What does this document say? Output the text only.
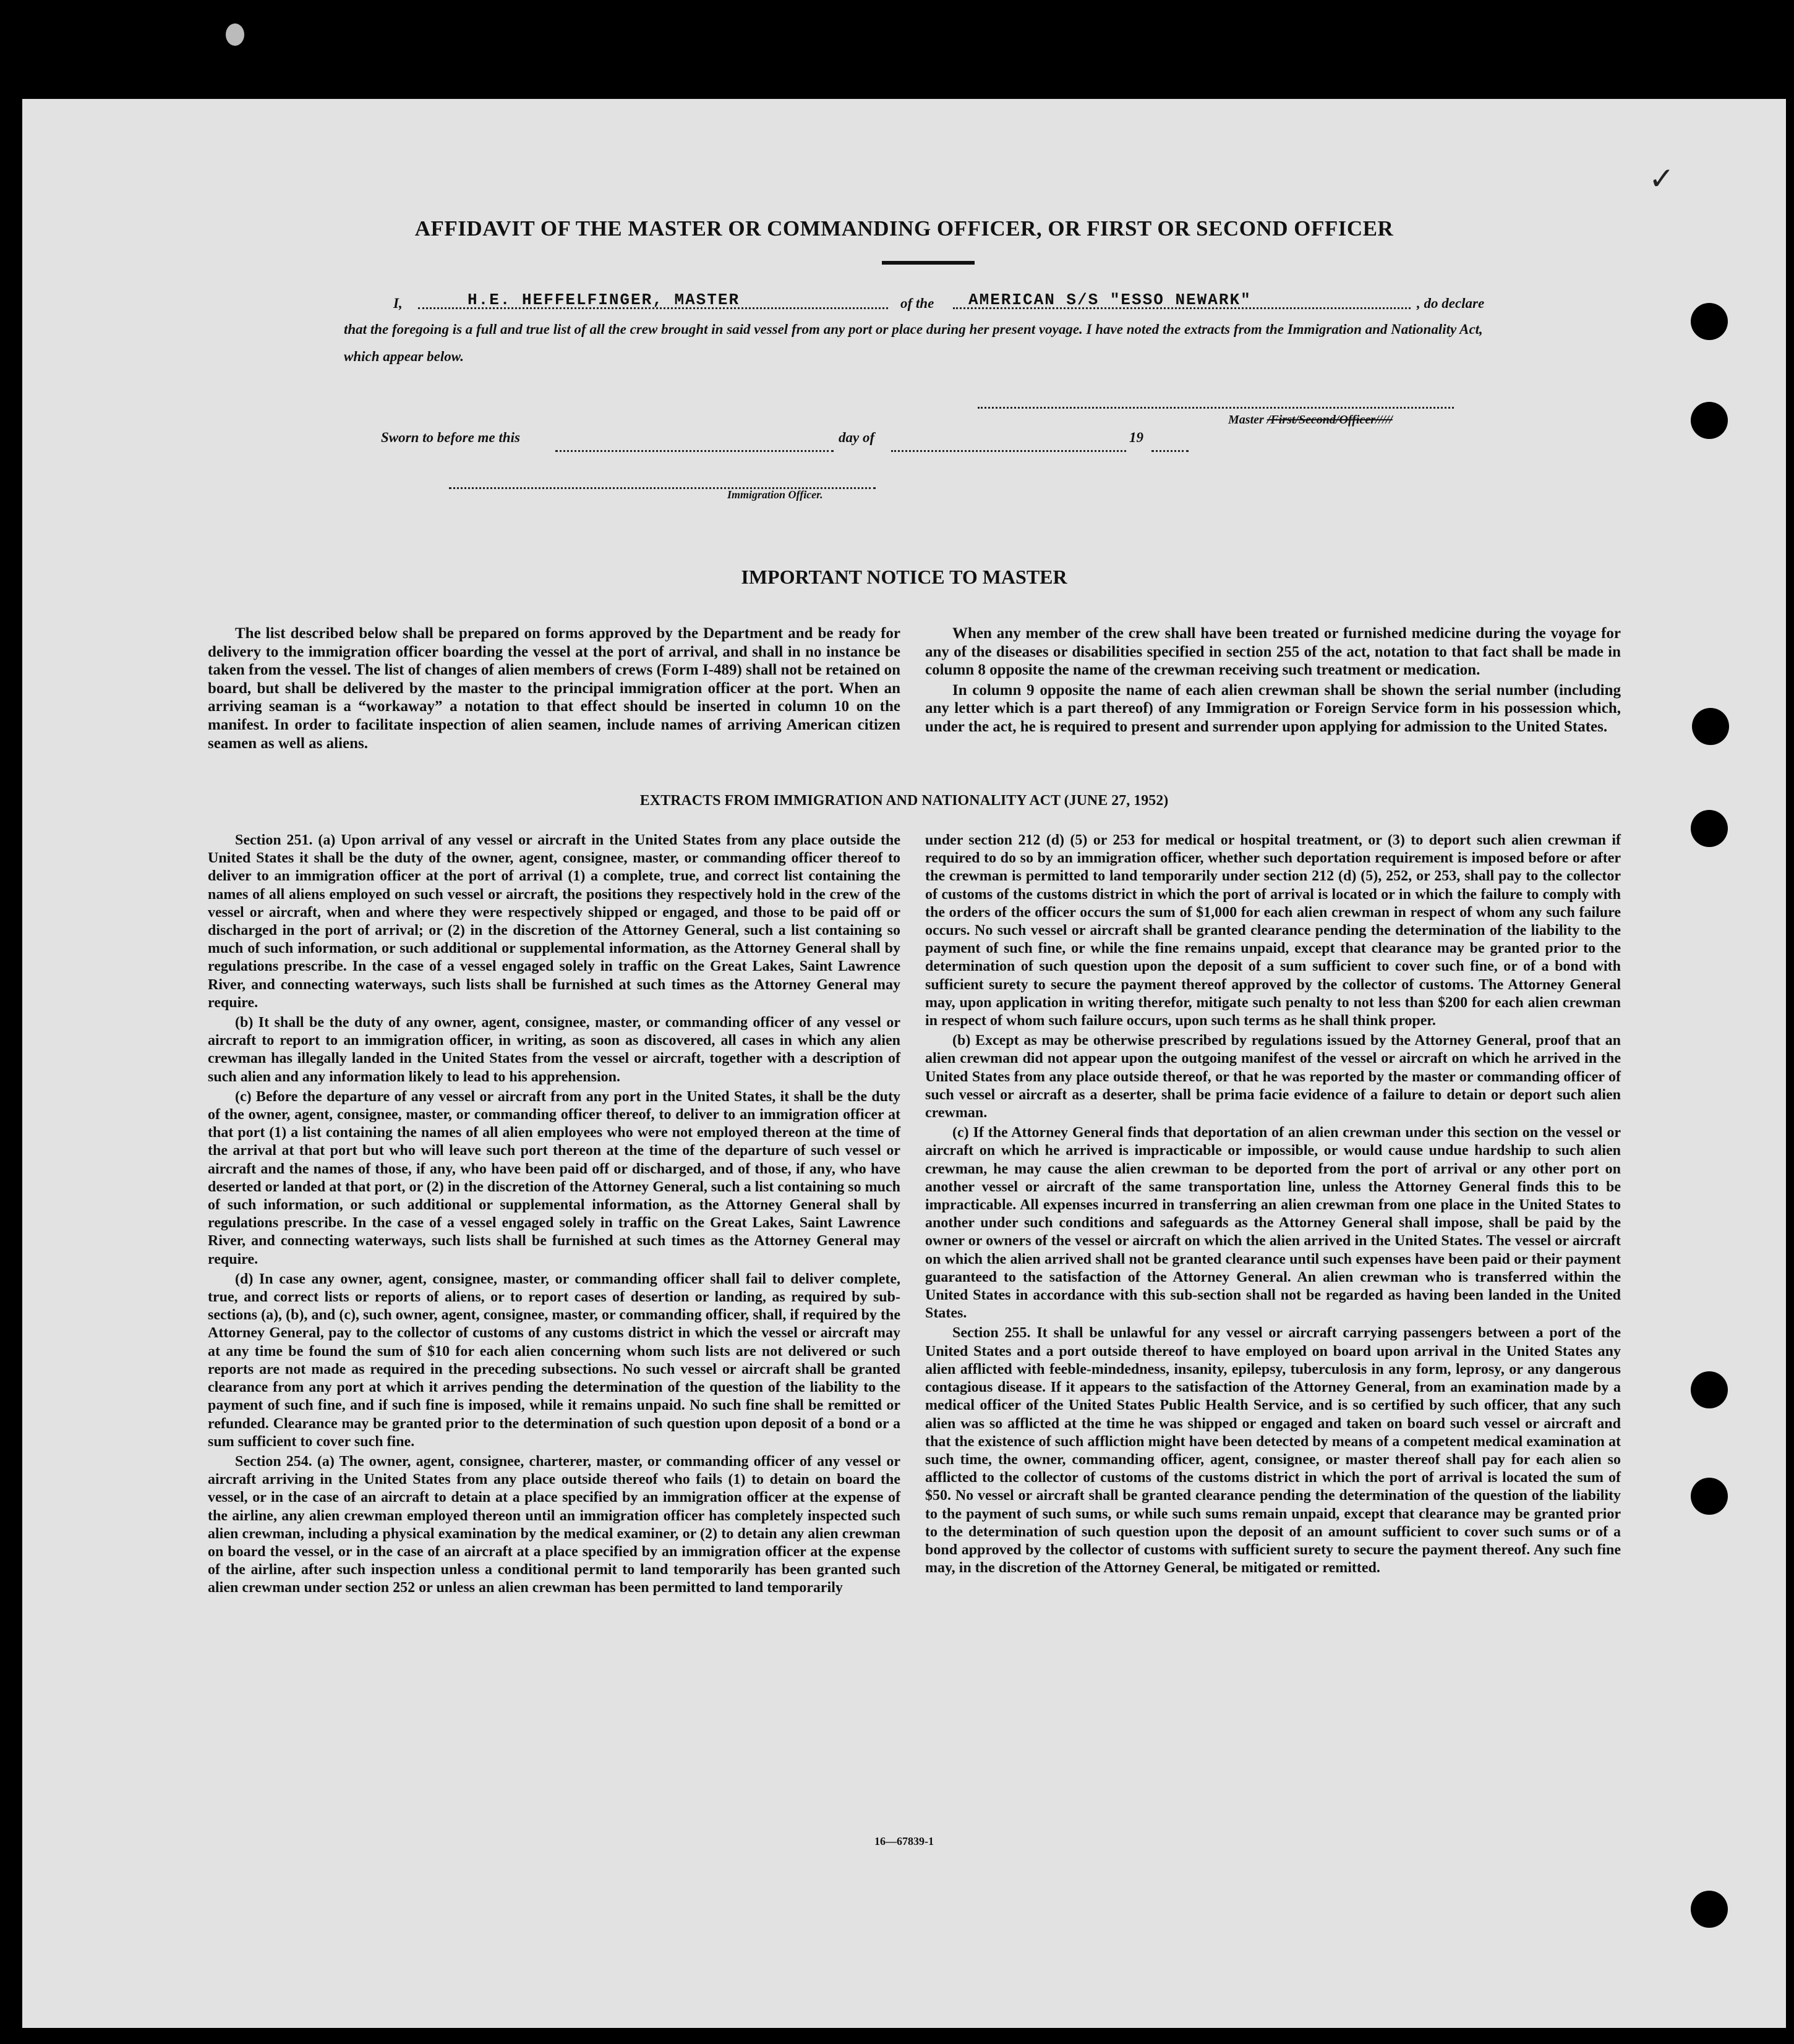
✓
AFFIDAVIT OF THE MASTER OR COMMANDING OFFICER, OR FIRST OR SECOND OFFICER
I,	H.E. HEFFELFINGER, MASTER	of the AMERICAN S/S "ESSO NEWARK"	, do declare
that the foregoing is a full and true list of all the crew brought in said vessel from any port or place during her present voyage. I have noted the extracts from the Immigration and Nationality Act, which appear below.
Master /First/Second/Officer/////
Sworn to before me this	day of	19
Immigration Officer.
IMPORTANT NOTICE TO MASTER

The list described below shall be prepared on forms approved by the Department and be ready for delivery to the immigration officer boarding the vessel at the port of arrival, and shall in no instance be taken from the vessel. The list of changes of alien members of crews (Form I-489) shall not be retained on board, but shall be delivered by the master to the principal immigration officer at the port. When an arriving seaman is a “workaway” a notation to that effect should be inserted in column 10 on the manifest. In order to facilitate inspection of alien seamen, include names of arriving American citizen seamen as well as aliens.

When any member of the crew shall have been treated or furnished medicine during the voyage for any of the diseases or disabilities specified in section 255 of the act, notation to that fact shall be made in column 8 opposite the name of the crewman receiving such treatment or medication.

In column 9 opposite the name of each alien crewman shall be shown the serial number (including any letter which is a part thereof) of any Immigration or Foreign Service form in his possession which, under the act, he is required to present and surrender upon applying for admission to the United States.

EXTRACTS FROM IMMIGRATION AND NATIONALITY ACT (JUNE 27, 1952)

Section 251. (a) Upon arrival of any vessel or aircraft in the United States from any place outside the United States it shall be the duty of the owner, agent, consignee, master, or commanding officer thereof to deliver to an immigration officer at the port of arrival (1) a complete, true, and correct list containing the names of all aliens employed on such vessel or aircraft, the positions they respectively hold in the crew of the vessel or aircraft, when and where they were respectively shipped or engaged, and those to be paid off or discharged in the port of arrival; or (2) in the discretion of the Attorney General, such a list containing so much of such information, or such additional or supplemental information, as the Attorney General shall by regulations prescribe. In the case of a vessel engaged solely in traffic on the Great Lakes, Saint Lawrence River, and connecting waterways, such lists shall be furnished at such times as the Attorney General may require.

(b) It shall be the duty of any owner, agent, consignee, master, or commanding officer of any vessel or aircraft to report to an immigration officer, in writing, as soon as discovered, all cases in which any alien crewman has illegally landed in the United States from the vessel or aircraft, together with a description of such alien and any information likely to lead to his apprehension.

(c) Before the departure of any vessel or aircraft from any port in the United States, it shall be the duty of the owner, agent, consignee, master, or commanding officer thereof, to deliver to an immigration officer at that port (1) a list containing the names of all alien employees who were not employed thereon at the time of the arrival at that port but who will leave such port thereon at the time of the departure of such vessel or aircraft and the names of those, if any, who have been paid off or discharged, and of those, if any, who have deserted or landed at that port, or (2) in the discretion of the Attorney General, such a list containing so much of such information, or such additional or supplemental information, as the Attorney General shall by regulations prescribe. In the case of a vessel engaged solely in traffic on the Great Lakes, Saint Lawrence River, and connecting waterways, such lists shall be furnished at such times as the Attorney General may require.

(d) In case any owner, agent, consignee, master, or commanding officer shall fail to deliver complete, true, and correct lists or reports of aliens, or to report cases of desertion or landing, as required by sub-sections (a), (b), and (c), such owner, agent, consignee, master, or commanding officer, shall, if required by the Attorney General, pay to the collector of customs of any customs district in which the vessel or aircraft may at any time be found the sum of $10 for each alien concerning whom such lists are not delivered or such reports are not made as required in the preceding subsections. No such vessel or aircraft shall be granted clearance from any port at which it arrives pending the determination of the question of the liability to the payment of such fine, and if such fine is imposed, while it remains unpaid. No such fine shall be remitted or refunded. Clearance may be granted prior to the determination of such question upon deposit of a bond or a sum sufficient to cover such fine.

Section 254. (a) The owner, agent, consignee, charterer, master, or commanding officer of any vessel or aircraft arriving in the United States from any place outside thereof who fails (1) to detain on board the vessel, or in the case of an aircraft to detain at a place specified by an immigration officer at the expense of the airline, any alien crewman employed thereon until an immigration officer has completely inspected such alien crewman, including a physical examination by the medical examiner, or (2) to detain any alien crewman on board the vessel, or in the case of an aircraft at a place specified by an immigration officer at the expense of the airline, after such inspection unless a conditional permit to land temporarily has been granted such alien crewman under section 252 or unless an alien crewman has been permitted to land temporarily

under section 212 (d) (5) or 253 for medical or hospital treatment, or (3) to deport such alien crewman if required to do so by an immigration officer, whether such deportation requirement is imposed before or after the crewman is permitted to land temporarily under section 212 (d) (5), 252, or 253, shall pay to the collector of customs of the customs district in which the port of arrival is located or in which the failure to comply with the orders of the officer occurs the sum of $1,000 for each alien crewman in respect of whom any such failure occurs. No such vessel or aircraft shall be granted clearance pending the determination of the liability to the payment of such fine, or while the fine remains unpaid, except that clearance may be granted prior to the determination of such question upon the deposit of a sum sufficient to cover such fine, or of a bond with sufficient surety to secure the payment thereof approved by the collector of customs. The Attorney General may, upon application in writing therefor, mitigate such penalty to not less than $200 for each alien crewman in respect of whom such failure occurs, upon such terms as he shall think proper.

(b) Except as may be otherwise prescribed by regulations issued by the Attorney General, proof that an alien crewman did not appear upon the outgoing manifest of the vessel or aircraft on which he arrived in the United States from any place outside thereof, or that he was reported by the master or commanding officer of such vessel or aircraft as a deserter, shall be prima facie evidence of a failure to detain or deport such alien crewman.

(c) If the Attorney General finds that deportation of an alien crewman under this section on the vessel or aircraft on which he arrived is impracticable or impossible, or would cause undue hardship to such alien crewman, he may cause the alien crewman to be deported from the port of arrival or any other port on another vessel or aircraft of the same transportation line, unless the Attorney General finds this to be impracticable. All expenses incurred in transferring an alien crewman from one place in the United States to another under such conditions and safeguards as the Attorney General shall impose, shall be paid by the owner or owners of the vessel or aircraft on which the alien arrived in the United States. The vessel or aircraft on which the alien arrived shall not be granted clearance until such expenses have been paid or their payment guaranteed to the satisfaction of the Attorney General. An alien crewman who is transferred within the United States in accordance with this sub-section shall not be regarded as having been landed in the United States.

Section 255. It shall be unlawful for any vessel or aircraft carrying passengers between a port of the United States and a port outside thereof to have employed on board upon arrival in the United States any alien afflicted with feeble-mindedness, insanity, epilepsy, tuberculosis in any form, leprosy, or any dangerous contagious disease. If it appears to the satisfaction of the Attorney General, from an examination made by a medical officer of the United States Public Health Service, and is so certified by such officer, that any such alien was so afflicted at the time he was shipped or engaged and taken on board such vessel or aircraft and that the existence of such affliction might have been detected by means of a competent medical examination at such time, the owner, commanding officer, agent, consignee, or master thereof shall pay for each alien so afflicted to the collector of customs of the customs district in which the port of arrival is located the sum of $50. No vessel or aircraft shall be granted clearance pending the determination of the question of the liability to the payment of such sums, or while such sums remain unpaid, except that clearance may be granted prior to the determination of such question upon the deposit of an amount sufficient to cover such sums or of a bond approved by the collector of customs with sufficient surety to secure the payment thereof. Any such fine may, in the discretion of the Attorney General, be mitigated or remitted.

16—67839-1
